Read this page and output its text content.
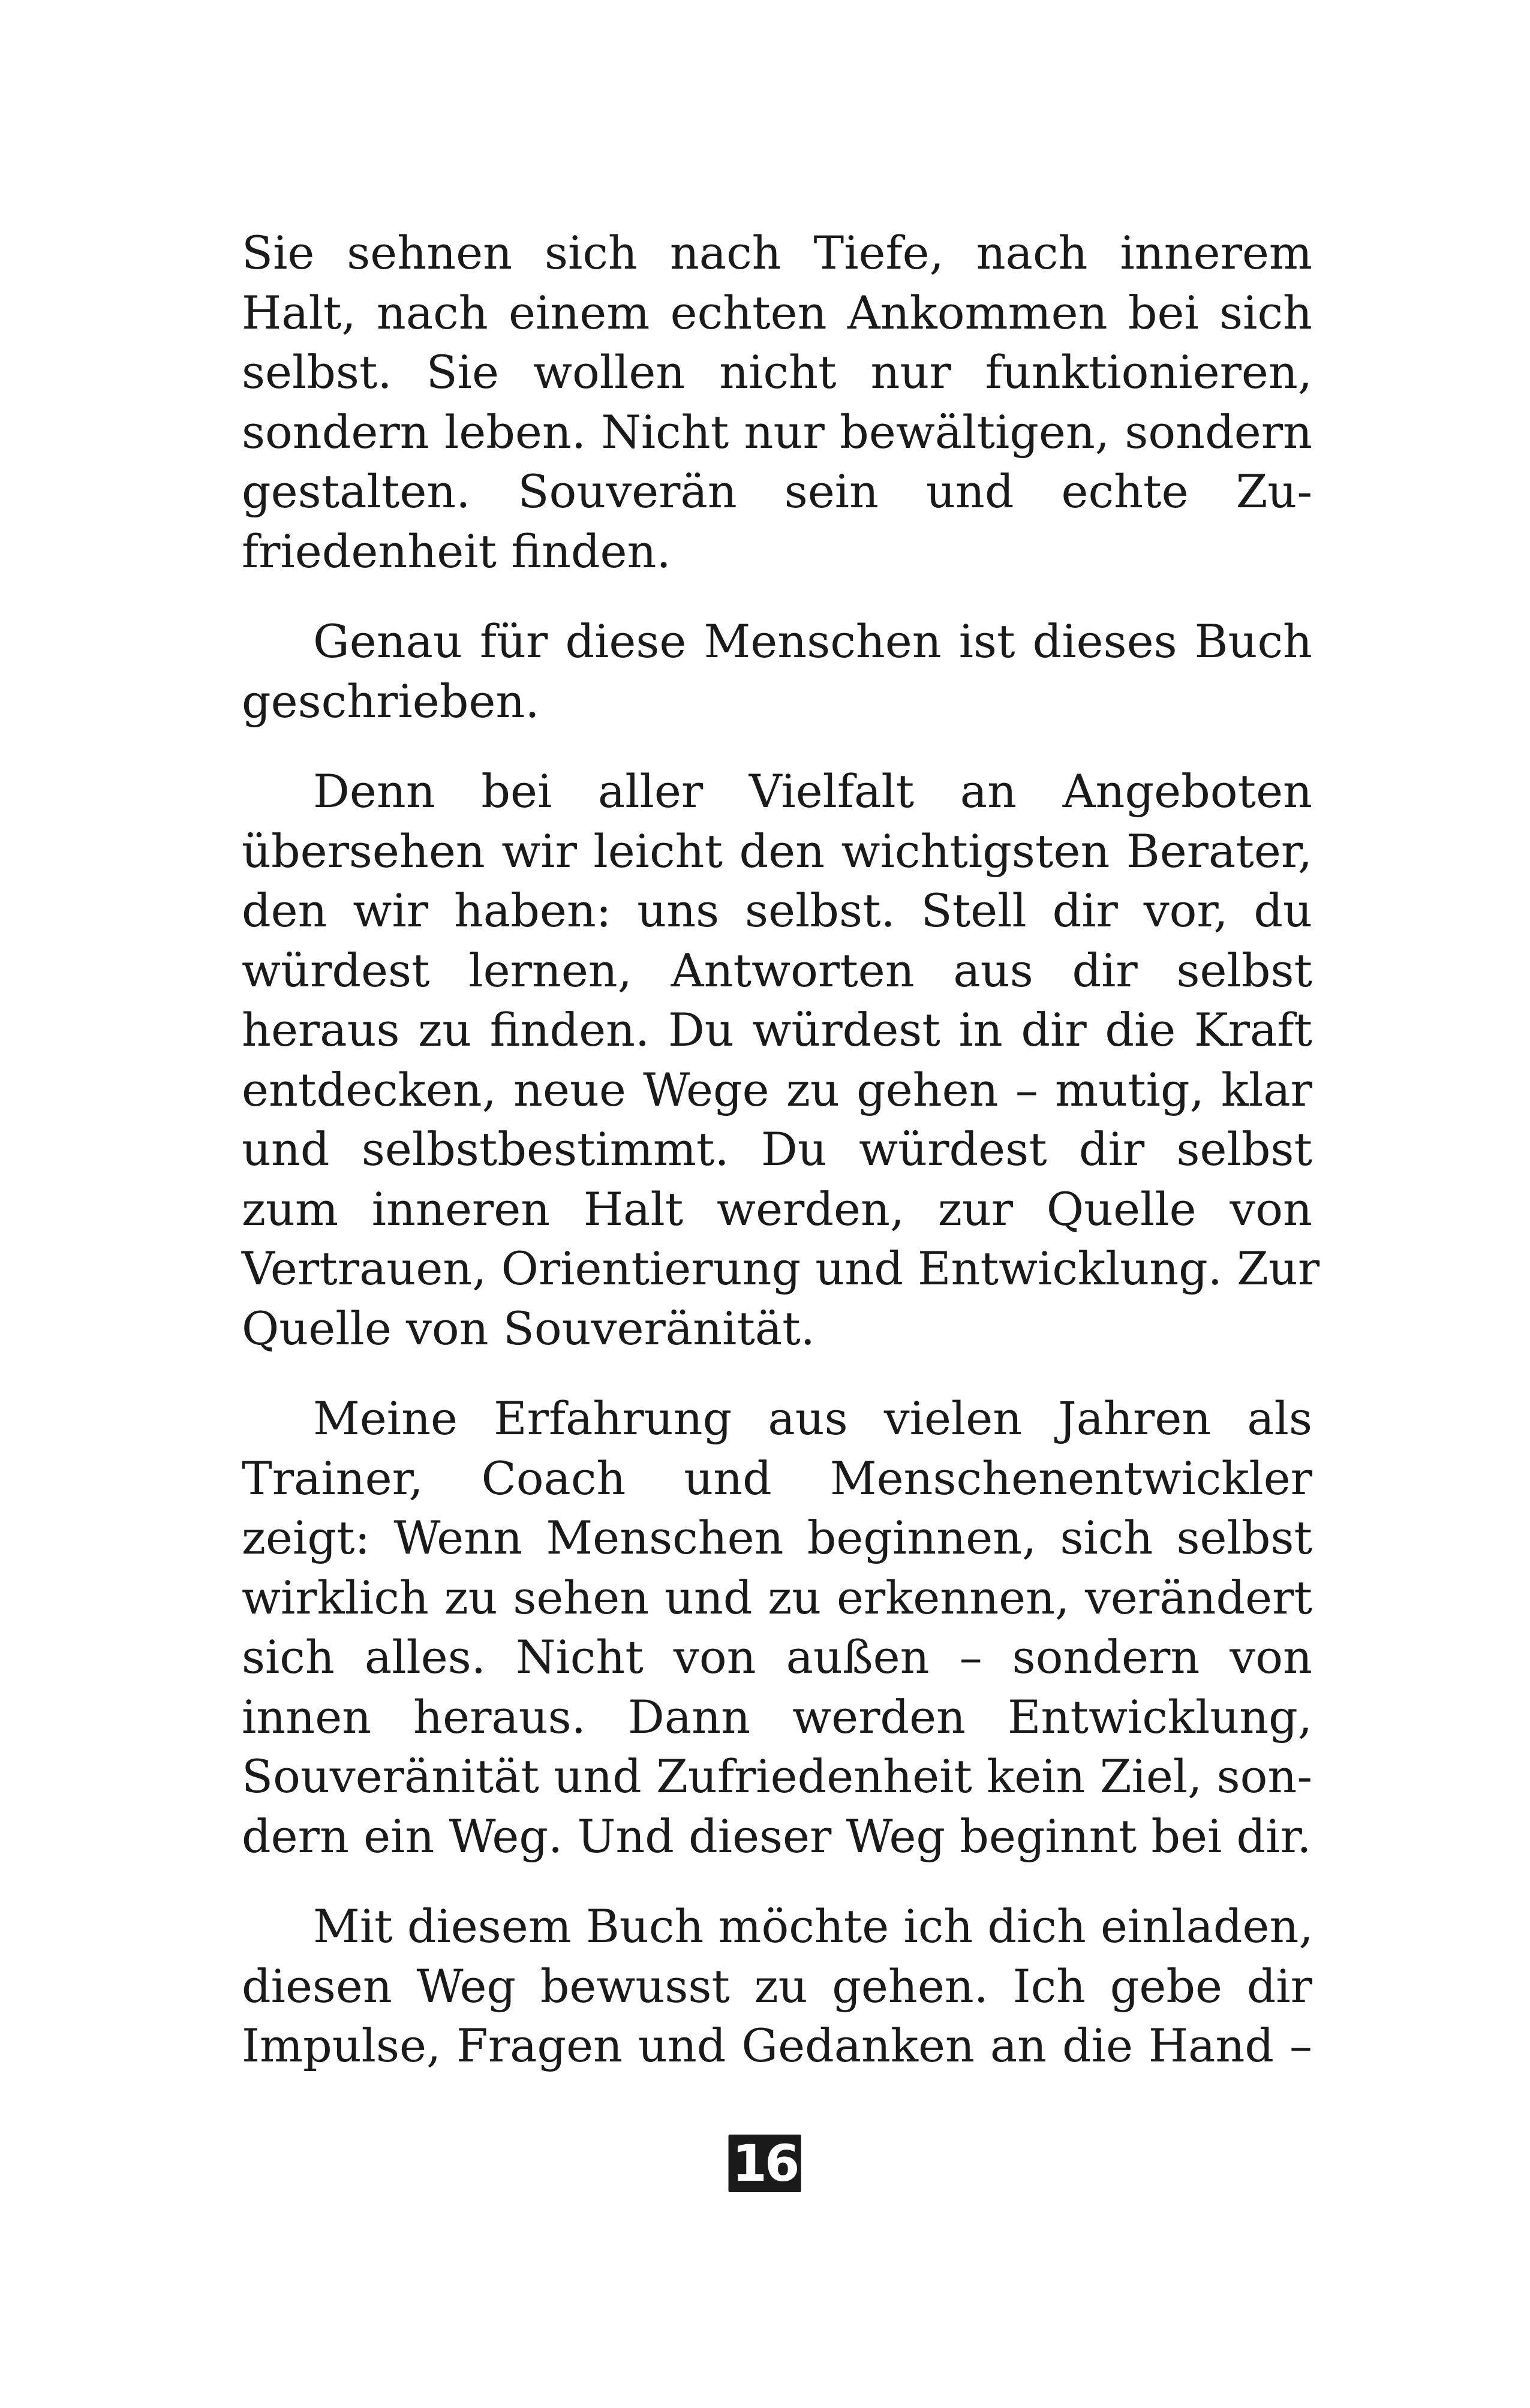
Sie sehnen sich nach Tiefe, nach innerem
Halt, nach einem echten Ankommen bei sich
selbst. Sie wollen nicht nur funktionieren,
sondern leben. Nicht nur bewältigen, sondern
gestalten. Souverän sein und echte Zu-
friedenheit finden.

Genau für diese Menschen ist dieses Buch
geschrieben.

Denn bei aller Vielfalt an Angeboten
übersehen wir leicht den wichtigsten Berater,
den wir haben: uns selbst. Stell dir vor, du
würdest lernen, Antworten aus dir selbst
heraus zu finden. Du würdest in dir die Kraft
entdecken, neue Wege zu gehen – mutig, klar
und selbstbestimmt. Du würdest dir selbst
zum inneren Halt werden, zur Quelle von
Vertrauen, Orientierung und Entwicklung. Zur
Quelle von Souveränität.

Meine Erfahrung aus vielen Jahren als
Trainer, Coach und Menschenentwickler
zeigt: Wenn Menschen beginnen, sich selbst
wirklich zu sehen und zu erkennen, verändert
sich alles. Nicht von außen – sondern von
innen heraus. Dann werden Entwicklung,
Souveränität und Zufriedenheit kein Ziel, son-
dern ein Weg. Und dieser Weg beginnt bei dir.

Mit diesem Buch möchte ich dich einladen,
diesen Weg bewusst zu gehen. Ich gebe dir
Impulse, Fragen und Gedanken an die Hand –

16
